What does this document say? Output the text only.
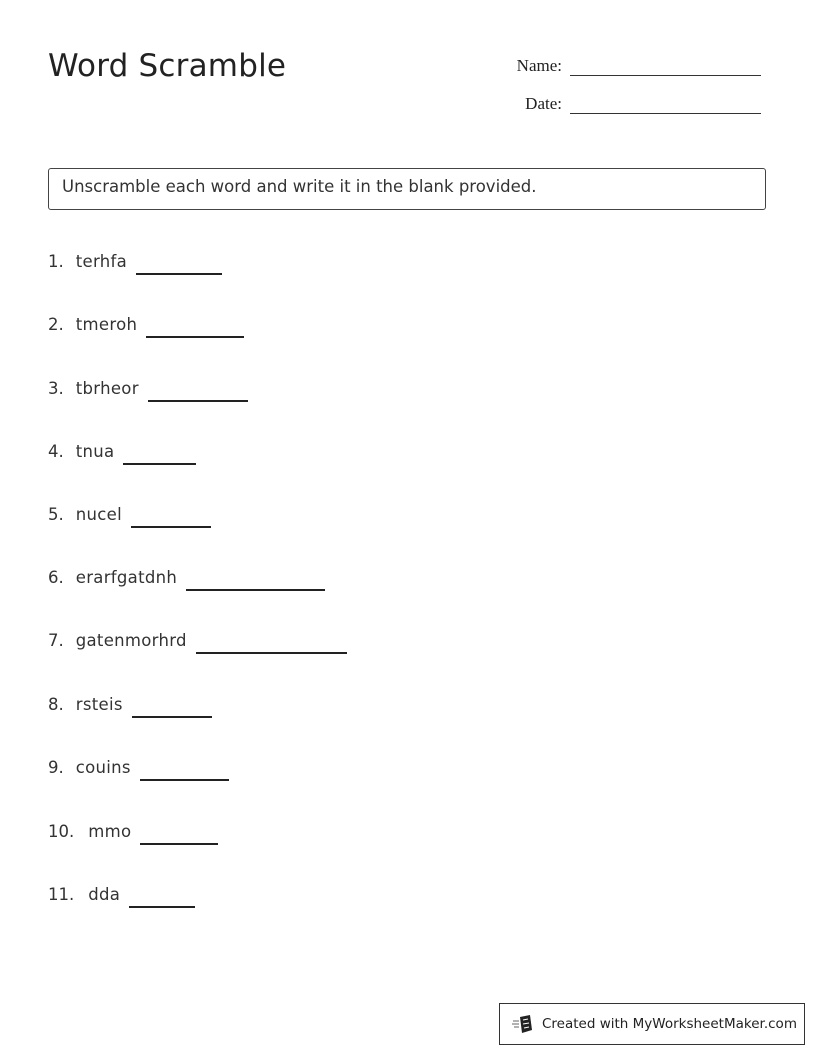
Word Scramble	Name:
Date:
Unscramble each word and write it in the blank provided.
1. terhfa
2. tmeroh
3. tbrheor
4. tnua
5. nucel
6. erarfgatdnh
7. gatenmorhrd
8. rsteis
9. couins
10. mmo
11. dda
Created with MyWorksheetMaker.com
